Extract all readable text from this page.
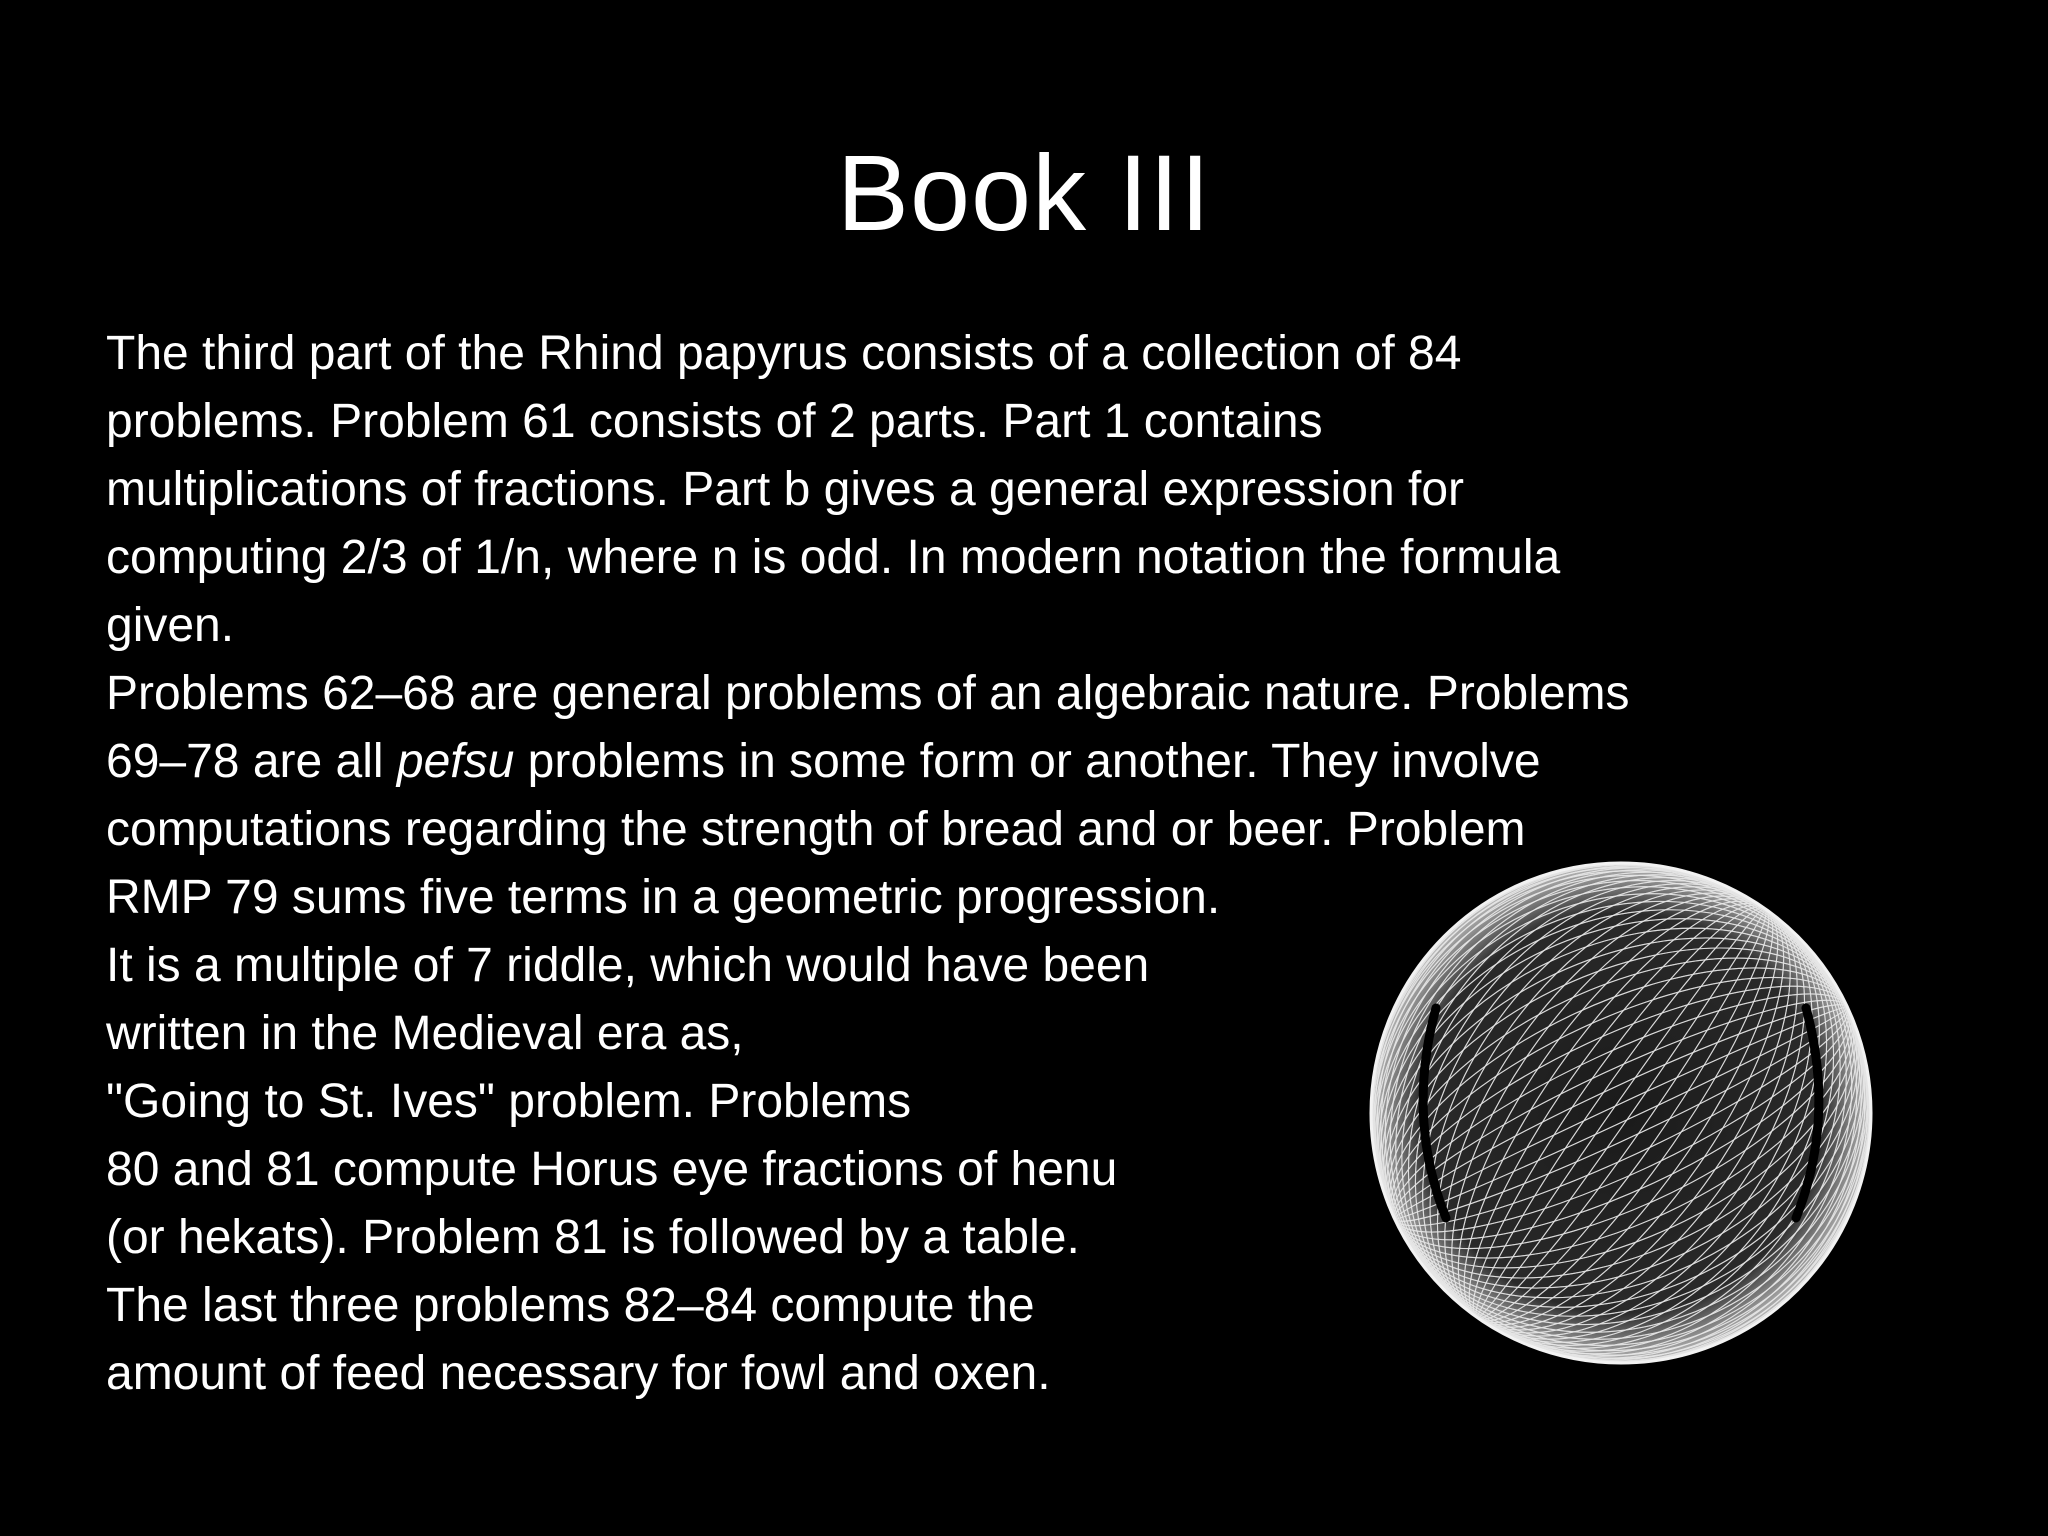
Book III
The third part of the Rhind papyrus consists of a collection of 84
problems. Problem 61 consists of 2 parts. Part 1 contains
multiplications of fractions. Part b gives a general expression for
computing 2/3 of 1/n, where n is odd. In modern notation the formula
given.
Problems 62–68 are general problems of an algebraic nature. Problems
69–78 are all pefsu problems in some form or another. They involve
computations regarding the strength of bread and or beer. Problem
RMP 79 sums five terms in a geometric progression.
It is a multiple of 7 riddle, which would have been
written in the Medieval era as,
"Going to St. Ives" problem. Problems
80 and 81 compute Horus eye fractions of henu
(or hekats). Problem 81 is followed by a table.
The last three problems 82–84 compute the
amount of feed necessary for fowl and oxen.
